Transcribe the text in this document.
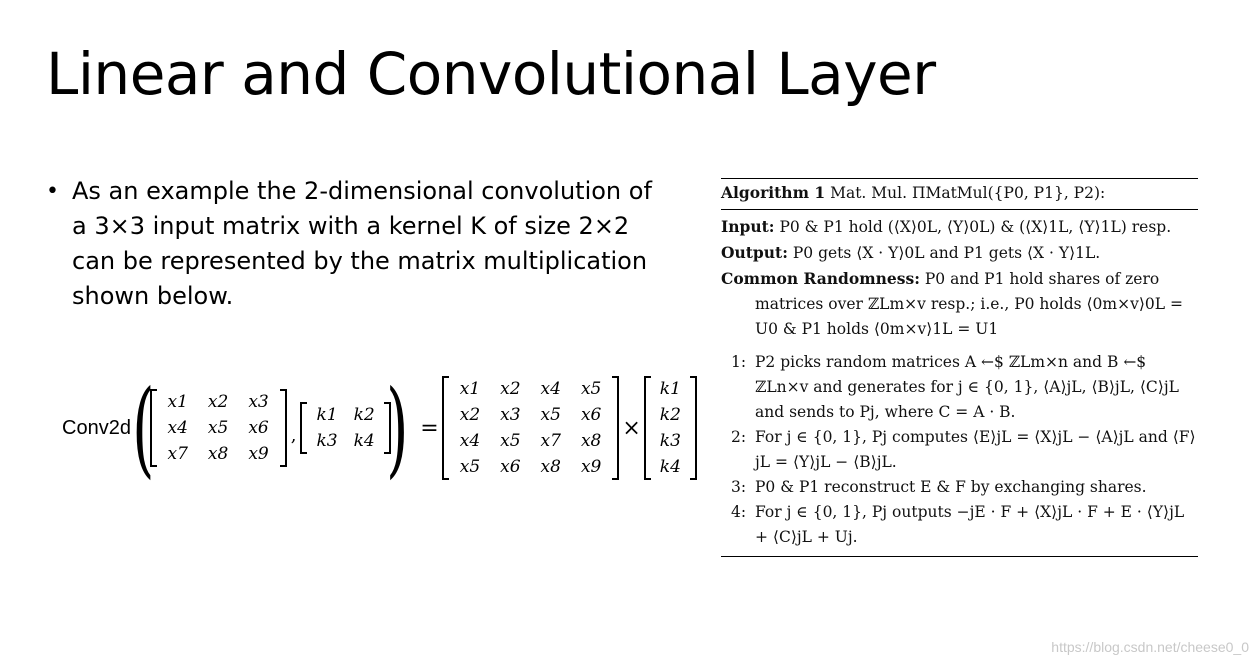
Linear and Convolutional Layer
• As an example the 2-dimensional convolution of a 3×3 input matrix with a kernel K of size 2×2 can be represented by the matrix multiplication shown below.
Conv2d ( x1	x2	x3
x4	x5	x6
x7	x8	x9
,
k1	k2
k3	k4 ) =
x1	x2	x4	x5
x2	x3	x5	x6
x4	x5	x7	x8
x5	x6	x8	x9
×
k1
k2
k3
k4

Algorithm 1 Mat. Mul. ΠMatMul({P0, P1}, P2):

Input: P0 & P1 hold (⟨X⟩0L, ⟨Y⟩0L) & (⟨X⟩1L, ⟨Y⟩1L) resp.

Output: P0 gets ⟨X · Y⟩0L and P1 gets ⟨X · Y⟩1L.

Common Randomness: P0 and P1 hold shares of zero matrices over ℤLm×v resp.; i.e., P0 holds ⟨0m×v⟩0L = U0 & P1 holds ⟨0m×v⟩1L = U1

1: P2 picks random matrices A ←$ ℤLm×n and B ←$ ℤLn×v and generates for j ∈ {0, 1}, ⟨A⟩jL, ⟨B⟩jL, ⟨C⟩jL and sends to Pj, where C = A · B.

2: For j ∈ {0, 1}, Pj computes ⟨E⟩jL = ⟨X⟩jL − ⟨A⟩jL and ⟨F⟩jL = ⟨Y⟩jL − ⟨B⟩jL.

3: P0 & P1 reconstruct E & F by exchanging shares.

4: For j ∈ {0, 1}, Pj outputs −jE · F + ⟨X⟩jL · F + E · ⟨Y⟩jL + ⟨C⟩jL + Uj.

https://blog.csdn.net/cheese0_0
